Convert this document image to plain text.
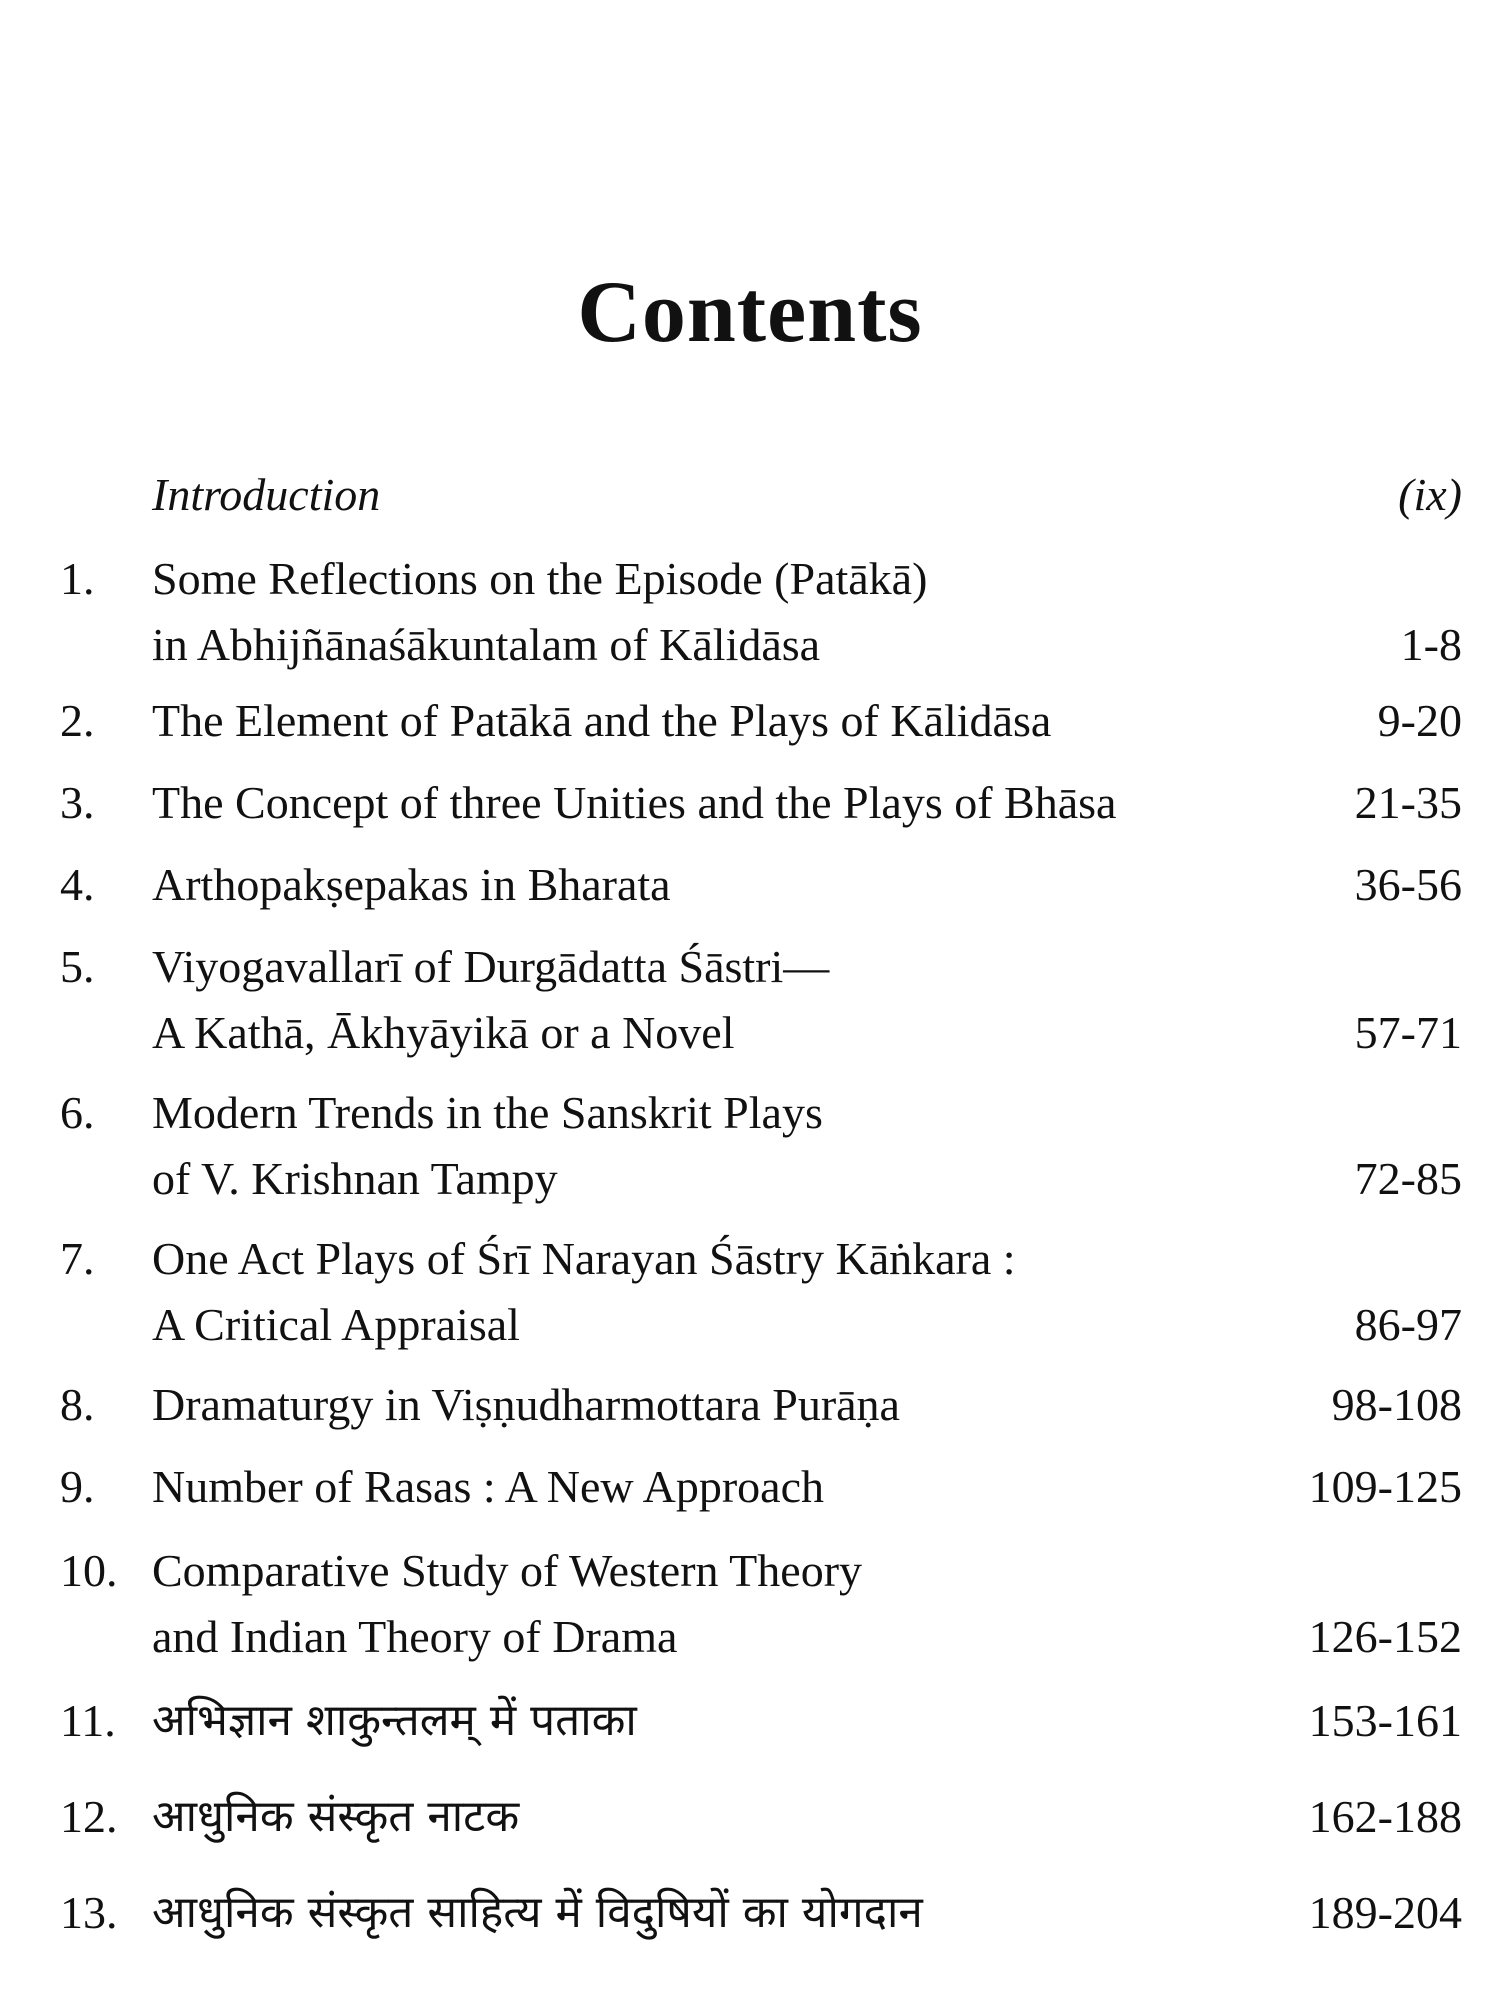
Contents
Introduction	(ix)
1.	Some Reflections on the Episode (Patākā)
in Abhijñānaśākuntalam of Kālidāsa	1-8
2.	The Element of Patākā and the Plays of Kālidāsa	9-20
3.	The Concept of three Unities and the Plays of Bhāsa	21-35
4.	Arthopakṣepakas in Bharata	36-56
5.	Viyogavallarī of Durgādatta Śāstri—
A Kathā, Ākhyāyikā or a Novel	57-71
6.	Modern Trends in the Sanskrit Plays
of V. Krishnan Tampy	72-85
7.	One Act Plays of Śrī Narayan Śāstry Kāṅkara :
A Critical Appraisal	86-97
8.	Dramaturgy in Viṣṇudharmottara Purāṇa	98-108
9.	Number of Rasas : A New Approach	109-125
10. Comparative Study of Western Theory
and Indian Theory of Drama	126-152
11. अभिज्ञान शाकुन्तलम् में पताका	153-161
12. आधुनिक संस्कृत नाटक	162-188
13. आधुनिक संस्कृत साहित्य में विदुषियों का योगदान	189-204
